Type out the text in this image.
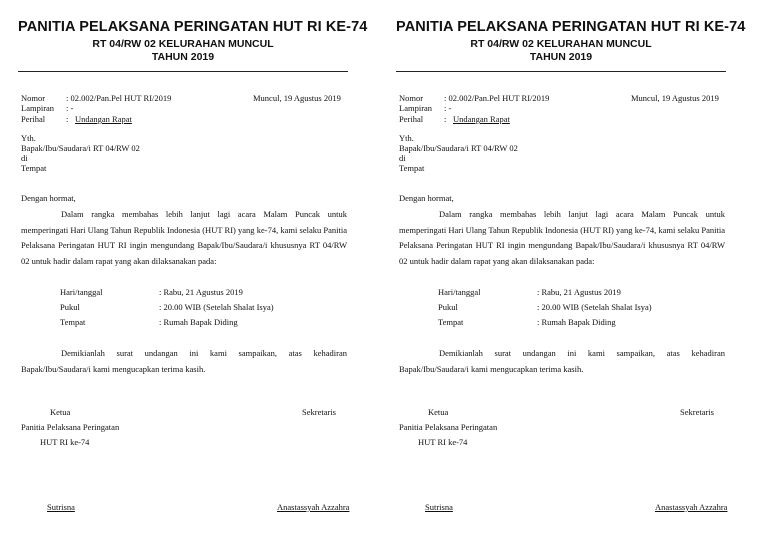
PANITIA PELAKSANA PERINGATAN HUT RI KE-74
RT 04/RW 02 KELURAHAN MUNCUL
TAHUN 2019
Nomor : 02.002/Pan.Pel HUT RI/2019	Muncul, 19 Agustus 2019
Lampiran : -
Perihal : Undangan Rapat
Yth.
Bapak/Ibu/Saudara/i RT 04/RW 02
di
Tempat
Dengan hormat,
Dalam rangka membahas lebih lanjut lagi acara Malam Puncak untuk memperingati Hari Ulang Tahun Republik Indonesia (HUT RI) yang ke-74, kami selaku Panitia Pelaksana Peringatan HUT RI ingin mengundang Bapak/Ibu/Saudara/i khususnya RT 04/RW 02 untuk hadir dalam rapat yang akan dilaksanakan pada:
Hari/tanggal	: Rabu, 21 Agustus 2019
Pukul	: 20.00 WIB (Setelah Shalat Isya)
Tempat	: Rumah Bapak Diding
Demikianlah surat undangan ini kami sampaikan, atas kehadiran Bapak/Ibu/Saudara/i kami mengucapkan terima kasih.
Ketua	Sekretaris
Panitia Pelaksana Peringatan
HUT RI ke-74
Sutrisna	Anastassyah Azzahra
PANITIA PELAKSANA PERINGATAN HUT RI KE-74
RT 04/RW 02 KELURAHAN MUNCUL
TAHUN 2019
Nomor : 02.002/Pan.Pel HUT RI/2019	Muncul, 19 Agustus 2019
Lampiran : -
Perihal : Undangan Rapat
Yth.
Bapak/Ibu/Saudara/i RT 04/RW 02
di
Tempat
Dengan hormat,
Dalam rangka membahas lebih lanjut lagi acara Malam Puncak untuk memperingati Hari Ulang Tahun Republik Indonesia (HUT RI) yang ke-74, kami selaku Panitia Pelaksana Peringatan HUT RI ingin mengundang Bapak/Ibu/Saudara/i khususnya RT 04/RW 02 untuk hadir dalam rapat yang akan dilaksanakan pada:
Hari/tanggal	: Rabu, 21 Agustus 2019
Pukul	: 20.00 WIB (Setelah Shalat Isya)
Tempat	: Rumah Bapak Diding
Demikianlah surat undangan ini kami sampaikan, atas kehadiran Bapak/Ibu/Saudara/i kami mengucapkan terima kasih.
Ketua	Sekretaris
Panitia Pelaksana Peringatan
HUT RI ke-74
Sutrisna	Anastassyah Azzahra
